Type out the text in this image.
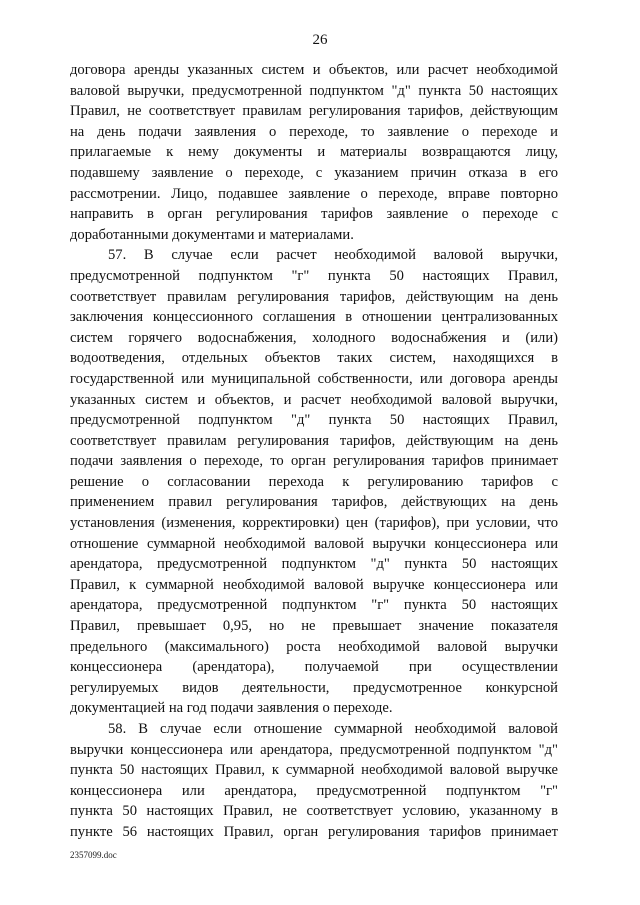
26
договора аренды указанных систем и объектов, или расчет необходимой
валовой выручки, предусмотренной подпунктом "д" пункта 50 настоящих
Правил, не соответствует правилам регулирования тарифов, действующим
на день подачи заявления о переходе, то заявление о переходе и
прилагаемые к нему документы и материалы возвращаются лицу,
подавшему заявление о переходе, с указанием причин отказа в его
рассмотрении. Лицо, подавшее заявление о переходе, вправе повторно
направить в орган регулирования тарифов заявление о переходе с
доработанными документами и материалами.
57. В случае если расчет необходимой валовой выручки,
предусмотренной подпунктом "г" пункта 50 настоящих Правил,
соответствует правилам регулирования тарифов, действующим на день
заключения концессионного соглашения в отношении централизованных
систем горячего водоснабжения, холодного водоснабжения и (или)
водоотведения, отдельных объектов таких систем, находящихся в
государственной или муниципальной собственности, или договора аренды
указанных систем и объектов, и расчет необходимой валовой выручки,
предусмотренной подпунктом "д" пункта 50 настоящих Правил,
соответствует правилам регулирования тарифов, действующим на день
подачи заявления о переходе, то орган регулирования тарифов принимает
решение о согласовании перехода к регулированию тарифов с
применением правил регулирования тарифов, действующих на день
установления (изменения, корректировки) цен (тарифов), при условии, что
отношение суммарной необходимой валовой выручки концессионера или
арендатора, предусмотренной подпунктом "д" пункта 50 настоящих
Правил, к суммарной необходимой валовой выручке концессионера или
арендатора, предусмотренной подпунктом "г" пункта 50 настоящих
Правил, превышает 0,95, но не превышает значение показателя
предельного (максимального) роста необходимой валовой выручки
концессионера (арендатора), получаемой при осуществлении
регулируемых видов деятельности, предусмотренное конкурсной
документацией на год подачи заявления о переходе.
58. В случае если отношение суммарной необходимой валовой
выручки концессионера или арендатора, предусмотренной подпунктом "д"
пункта 50 настоящих Правил, к суммарной необходимой валовой выручке
концессионера или арендатора, предусмотренной подпунктом "г"
пункта 50 настоящих Правил, не соответствует условию, указанному в
пункте 56 настоящих Правил, орган регулирования тарифов принимает
2357099.doc
